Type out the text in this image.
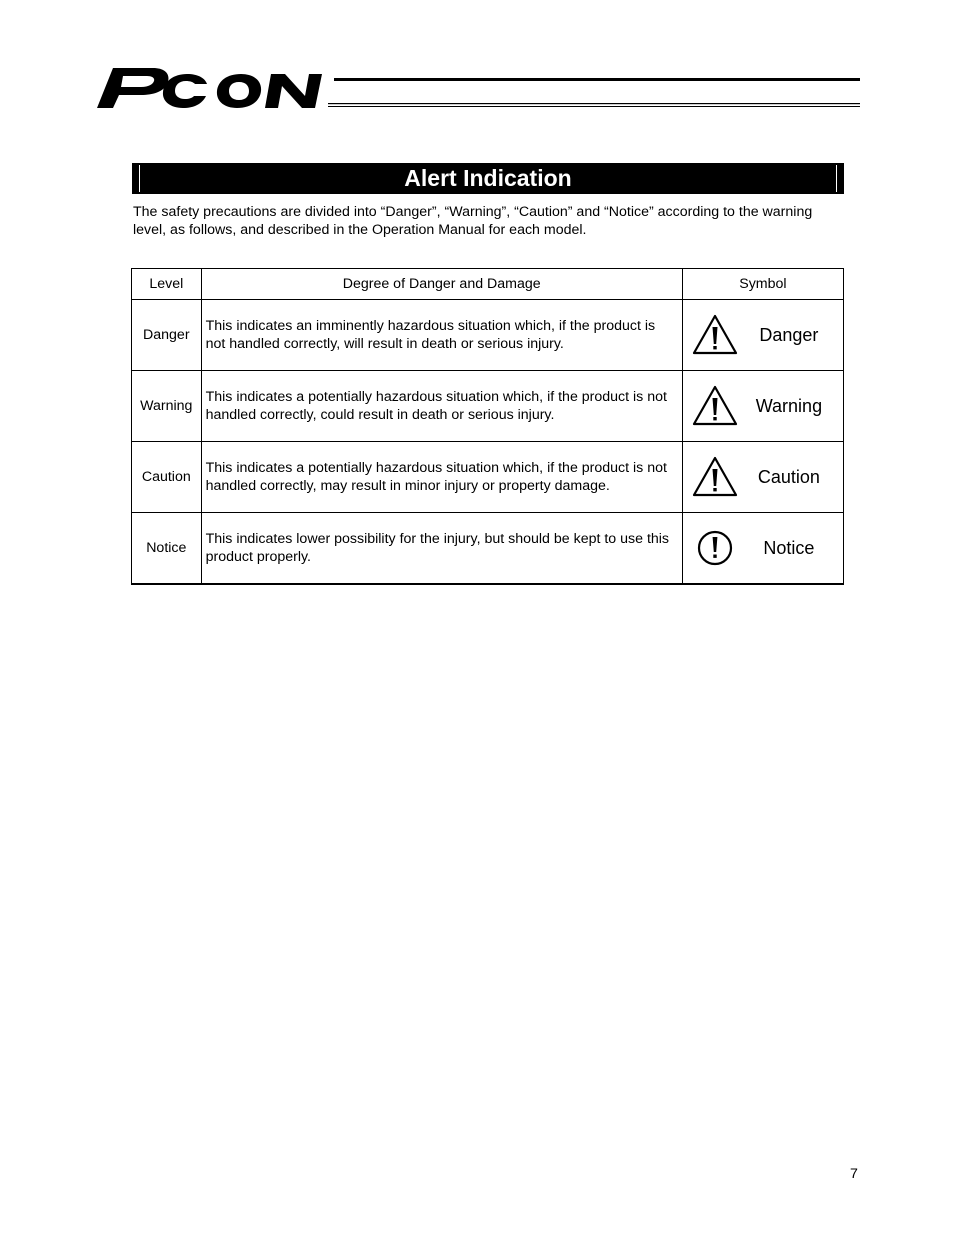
Alert Indication

The safety precautions are divided into “Danger”, “Warning”, “Caution” and “Notice” according to the warning level, as follows, and described in the Operation Manual for each model.

Level	Degree of Danger and Damage	Symbol
Danger	This indicates an imminently hazardous situation which, if the product is not handled correctly, will result in death or serious injury.	Danger

Warning	This indicates a potentially hazardous situation which, if the product is not handled correctly, could result in death or serious injury.	Warning

Caution	This indicates a potentially hazardous situation which, if the product is not handled correctly, may result in minor injury or property damage.	Caution

Notice	This indicates lower possibility for the injury, but should be kept to use this product properly.	Notice
7
